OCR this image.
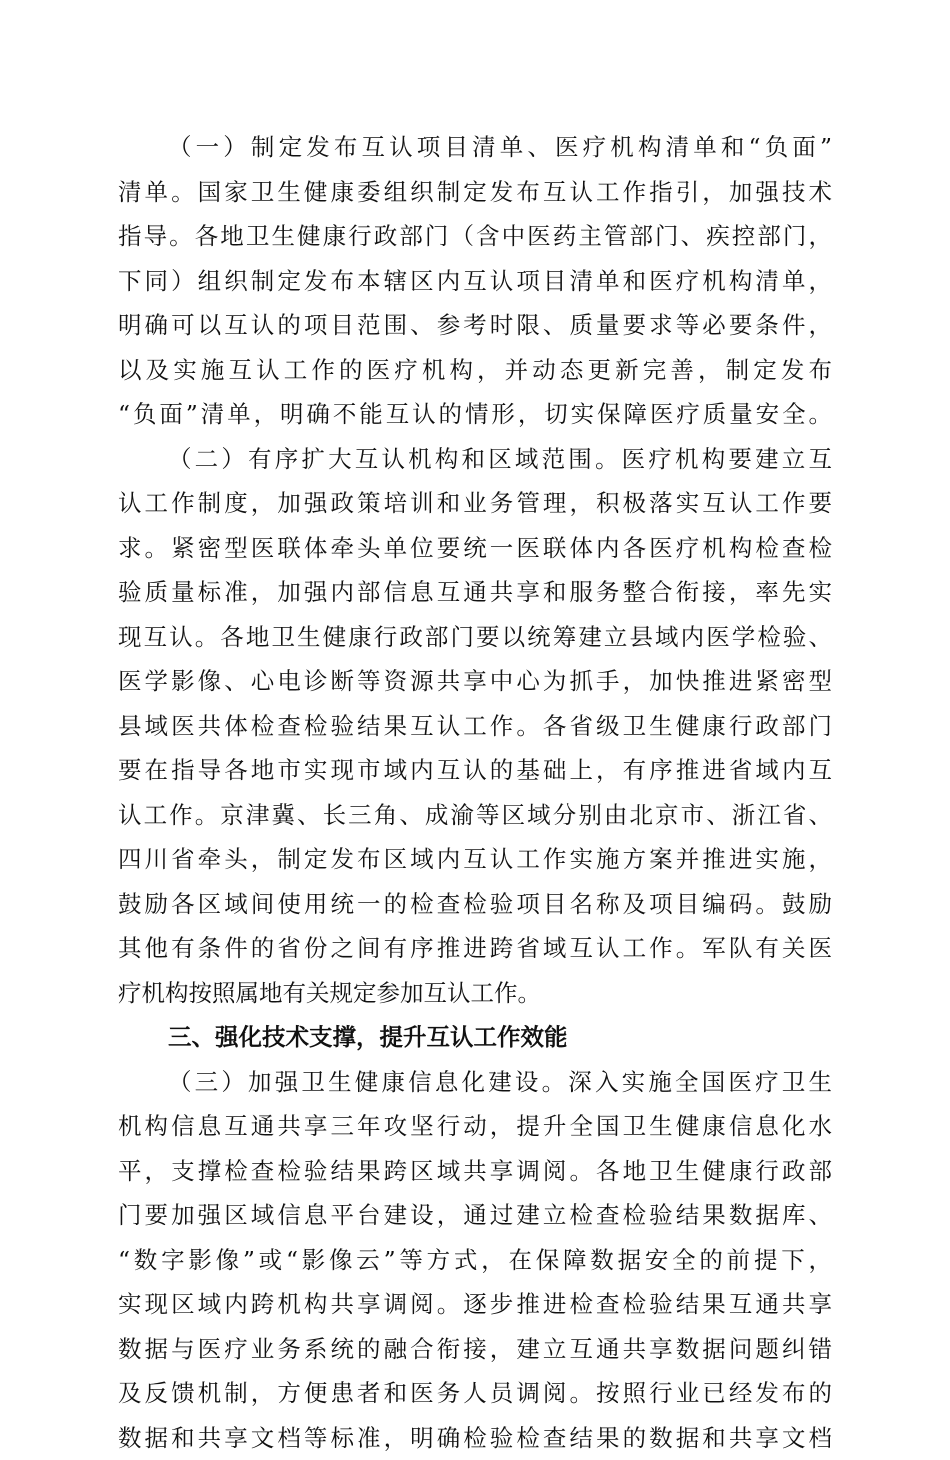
（一）制定发布互认项目清单、医疗机构清单和“负面”
清单。国家卫生健康委组织制定发布互认工作指引，加强技术
指导。各地卫生健康行政部门（含中医药主管部门、疾控部门，
下同）组织制定发布本辖区内互认项目清单和医疗机构清单，
明确可以互认的项目范围、参考时限、质量要求等必要条件，
以及实施互认工作的医疗机构，并动态更新完善，制定发布
“负面”清单，明确不能互认的情形，切实保障医疗质量安全。
（二）有序扩大互认机构和区域范围。医疗机构要建立互
认工作制度，加强政策培训和业务管理，积极落实互认工作要
求。紧密型医联体牵头单位要统一医联体内各医疗机构检查检
验质量标准，加强内部信息互通共享和服务整合衔接，率先实
现互认。各地卫生健康行政部门要以统筹建立县域内医学检验、
医学影像、心电诊断等资源共享中心为抓手，加快推进紧密型
县域医共体检查检验结果互认工作。各省级卫生健康行政部门
要在指导各地市实现市域内互认的基础上，有序推进省域内互
认工作。京津冀、长三角、成渝等区域分别由北京市、浙江省、
四川省牵头，制定发布区域内互认工作实施方案并推进实施，
鼓励各区域间使用统一的检查检验项目名称及项目编码。鼓励
其他有条件的省份之间有序推进跨省域互认工作。军队有关医
疗机构按照属地有关规定参加互认工作。
三、强化技术支撑，提升互认工作效能
（三）加强卫生健康信息化建设。深入实施全国医疗卫生
机构信息互通共享三年攻坚行动，提升全国卫生健康信息化水
平，支撑检查检验结果跨区域共享调阅。各地卫生健康行政部
门要加强区域信息平台建设，通过建立检查检验结果数据库、
“数字影像”或“影像云”等方式，在保障数据安全的前提下，
实现区域内跨机构共享调阅。逐步推进检查检验结果互通共享
数据与医疗业务系统的融合衔接，建立互通共享数据问题纠错
及反馈机制，方便患者和医务人员调阅。按照行业已经发布的
数据和共享文档等标准，明确检验检查结果的数据和共享文档
